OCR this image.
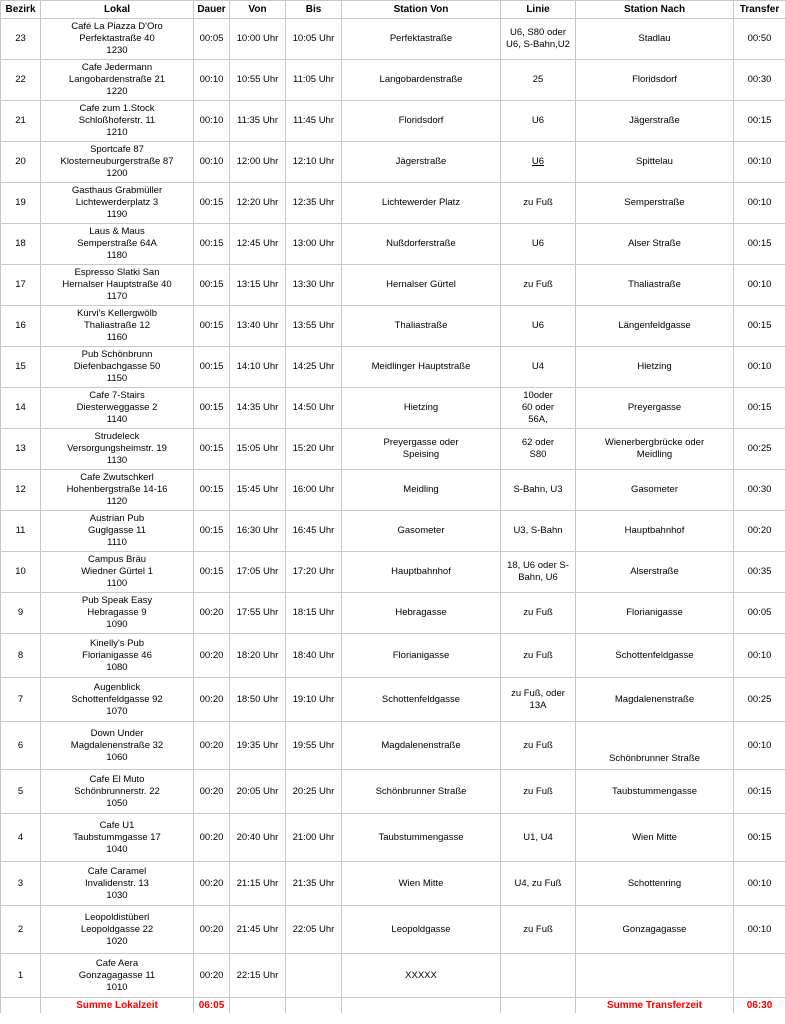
Bezirk	Lokal	Dauer	Von	Bis	Station Von	Linie	Station Nach	Transfer
23	Café La Piazza D'Oro
Perfektastraße 40
1230	00:05	10:00 Uhr	10:05 Uhr	Perfektastraße	U6, S80 oder
U6, S-Bahn,U2	Stadlau	00:50
22	Cafe Jedermann
Langobardenstraße 21
1220	00:10	10:55 Uhr	11:05 Uhr	Langobardenstraße	25	Floridsdorf	00:30
21	Cafe zum 1.Stock
Schloßhoferstr. 11
1210	00:10	11:35 Uhr	11:45 Uhr	Floridsdorf	U6	Jägerstraße	00:15
20	Sportcafe 87
Klosterneuburgerstraße 87
1200	00:10	12:00 Uhr	12:10 Uhr	Jägerstraße	U6	Spittelau	00:10
19	Gasthaus Grabmüller
Lichtewerderplatz 3
1190	00:15	12:20 Uhr	12:35 Uhr	Lichtewerder Platz	zu Fuß	Semperstraße	00:10
18	Laus & Maus
Semperstraße 64A
1180	00:15	12:45 Uhr	13:00 Uhr	Nußdorferstraße	U6	Alser Straße	00:15
17	Espresso Slatki San
Hernalser Hauptstraße 40
1170	00:15	13:15 Uhr	13:30 Uhr	Hernalser Gürtel	zu Fuß	Thaliastraße	00:10
16	Kurvi's Kellergwölb
Thaliastraße 12
1160	00:15	13:40 Uhr	13:55 Uhr	Thaliastraße	U6	Längenfeldgasse	00:15
15	Pub Schönbrunn
Diefenbachgasse 50
1150	00:15	14:10 Uhr	14:25 Uhr	Meidlinger Hauptstraße	U4	Hietzing	00:10
14	Cafe 7-Stairs
Diesterweggasse 2
1140	00:15	14:35 Uhr	14:50 Uhr	Hietzing	10oder
60 oder
56A,	Preyergasse	00:15
13	Strudeleck
Versorgungsheimstr. 19
1130	00:15	15:05 Uhr	15:20 Uhr	Preyergasse oder
Speising	62 oder
S80	Wienerbergbrücke oder
Meidling	00:25
12	Cafe Zwutschkerl
Hohenbergstraße 14-16
1120	00:15	15:45 Uhr	16:00 Uhr	Meidling	S-Bahn, U3	Gasometer	00:30
11	Austrian Pub
Guglgasse 11
1110	00:15	16:30 Uhr	16:45 Uhr	Gasometer	U3, S-Bahn	Hauptbahnhof	00:20
10	Campus Bräu
Wiedner Gürtel 1
1100	00:15	17:05 Uhr	17:20 Uhr	Hauptbahnhof	18, U6 oder S-
Bahn, U6	Alserstraße	00:35
9	Pub Speak Easy
Hebragasse 9
1090	00:20	17:55 Uhr	18:15 Uhr	Hebragasse	zu Fuß	Florianigasse	00:05
8	Kinelly's Pub
Florianigasse 46
1080	00:20	18:20 Uhr	18:40 Uhr	Florianigasse	zu Fuß	Schottenfeldgasse	00:10
7	Augenblick
Schottenfeldgasse 92
1070	00:20	18:50 Uhr	19:10 Uhr	Schottenfeldgasse	zu Fuß, oder
13A	Magdalenenstraße	00:25
6	Down Under
Magdalenenstraße 32
1060	00:20	19:35 Uhr	19:55 Uhr	Magdalenenstraße	zu Fuß	Schönbrunner Straße	00:10
5	Cafe El Muto
Schönbrunnerstr. 22
1050	00:20	20:05 Uhr	20:25 Uhr	Schönbrunner Straße	zu Fuß	Taubstummengasse	00:15
4	Cafe U1
Taubstummgasse 17
1040	00:20	20:40 Uhr	21:00 Uhr	Taubstummengasse	U1, U4	Wien Mitte	00:15
3	Cafe Caramel
Invalidenstr. 13
1030	00:20	21:15 Uhr	21:35 Uhr	Wien Mitte	U4, zu Fuß	Schottenring	00:10
2	Leopoldistüberl
Leopoldgasse 22
1020	00:20	21:45 Uhr	22:05 Uhr	Leopoldgasse	zu Fuß	Gonzagagasse	00:10
1	Cafe Aera
Gonzagagasse 11
1010	00:20	22:15 Uhr		XXXXX			
	Summe Lokalzeit	06:05					Summe Transferzeit	06:30
